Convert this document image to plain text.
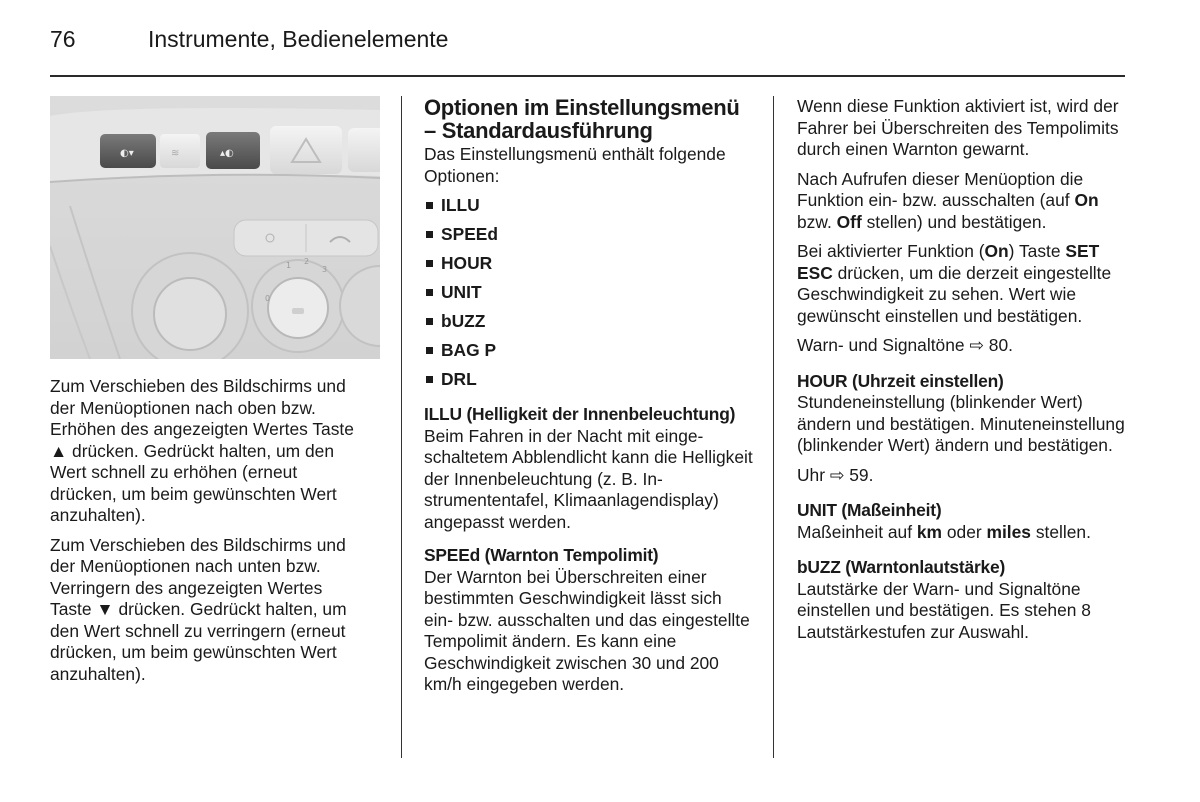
76	Instrumente, Bedienelemente
◐▾	≋	▴◐
1 2
3
0

Zum Verschieben des Bildschirms und der Menüoptionen nach oben bzw. Erhöhen des angezeigten Wertes Taste ▲ drücken. Gedrückt halten, um den Wert schnell zu erhöhen (erneut drücken, um beim gewünschten Wert anzuhalten).

Zum Verschieben des Bildschirms und der Menüoptionen nach unten bzw. Verringern des angezeigten Wertes Taste ▼ drücken. Gedrückt halten, um den Wert schnell zu verringern (erneut drücken, um beim gewünschten Wert anzuhalten).

Optionen im Einstellungsmenü
– Standardausführung

Das Einstellungsmenü enthält folgende Optionen:

ILLU
SPEEd
HOUR
UNIT
bUZZ
BAG P
DRL
ILLU (Helligkeit der Innenbeleuchtung)

Beim Fahren in der Nacht mit eingeschaltetem Abblendlicht kann die Helligkeit der Innenbeleuchtung (z. B. Instrumententafel, Klimaanlagendisplay) angepasst werden.

SPEEd (Warnton Tempolimit)

Der Warnton bei Überschreiten einer bestimmten Geschwindigkeit lässt sich ein- bzw. ausschalten und das eingestellte Tempolimit ändern. Es kann eine Geschwindigkeit zwischen 30 und 200 km/h eingegeben werden.

Wenn diese Funktion aktiviert ist, wird der Fahrer bei Überschreiten des Tempolimits durch einen Warnton gewarnt.

Nach Aufrufen dieser Menüoption die Funktion ein- bzw. ausschalten (auf On bzw. Off stellen) und bestätigen.

Bei aktivierter Funktion (On) Taste SET ESC drücken, um die derzeit eingestellte Geschwindigkeit zu sehen. Wert wie gewünscht einstellen und bestätigen.

Warn- und Signaltöne ⇨ 80.

HOUR (Uhrzeit einstellen)

Stundeneinstellung (blinkender Wert) ändern und bestätigen. Minuteneinstellung (blinkender Wert) ändern und bestätigen.

Uhr ⇨ 59.

UNIT (Maßeinheit)

Maßeinheit auf km oder miles stellen.

bUZZ (Warntonlautstärke)

Lautstärke der Warn- und Signaltöne einstellen und bestätigen. Es stehen 8 Lautstärkestufen zur Auswahl.
